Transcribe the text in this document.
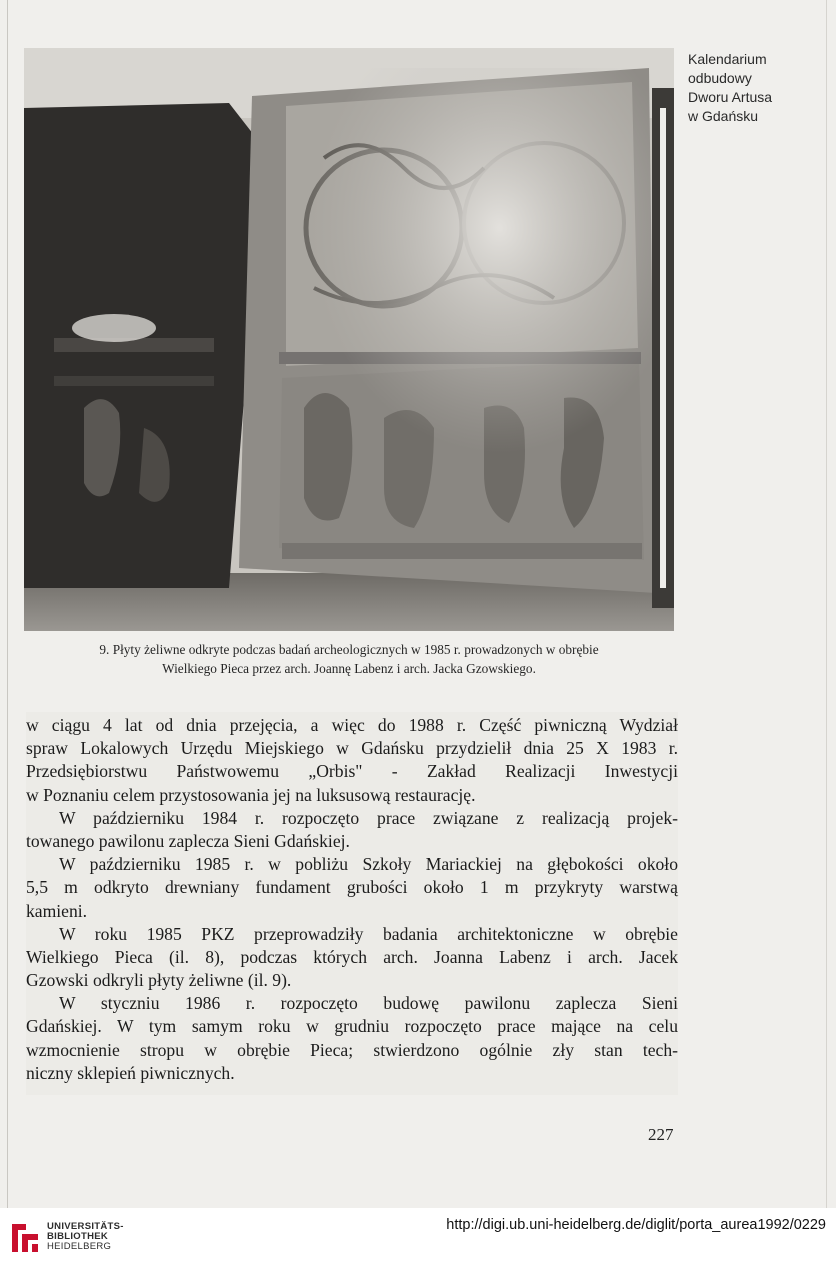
Kalendarium
odbudowy
Dworu Artusa
w Gdańsku
9. Płyty żeliwne odkryte podczas badań archeologicznych w 1985 r. prowadzonych w obrębie
Wielkiego Pieca przez arch. Joannę Labenz i arch. Jacka Gzowskiego.
w ciągu 4 lat od dnia przejęcia, a więc do 1988 r. Część piwniczną Wydział
spraw Lokalowych Urzędu Miejskiego w Gdańsku przydzielił dnia 25 X 1983 r.
Przedsiębiorstwu Państwowemu „Orbis" - Zakład Realizacji Inwestycji
w Poznaniu celem przystosowania jej na luksusową restaurację.
W październiku 1984 r. rozpoczęto prace związane z realizacją projek-
towanego pawilonu zaplecza Sieni Gdańskiej.
W październiku 1985 r. w pobliżu Szkoły Mariackiej na głębokości około
5,5 m odkryto drewniany fundament grubości około 1 m przykryty warstwą
kamieni.
W roku 1985 PKZ przeprowadziły badania architektoniczne w obrębie
Wielkiego Pieca (il. 8), podczas których arch. Joanna Labenz i arch. Jacek
Gzowski odkryli płyty żeliwne (il. 9).
W styczniu 1986 r. rozpoczęto budowę pawilonu zaplecza Sieni
Gdańskiej. W tym samym roku w grudniu rozpoczęto prace mające na celu
wzmocnienie stropu w obrębie Pieca; stwierdzono ogólnie zły stan tech-
niczny sklepień piwnicznych.
227
UNIVERSITÄTS-
BIBLIOTHEK
HEIDELBERG
http://digi.ub.uni-heidelberg.de/diglit/porta_aurea1992/0229
